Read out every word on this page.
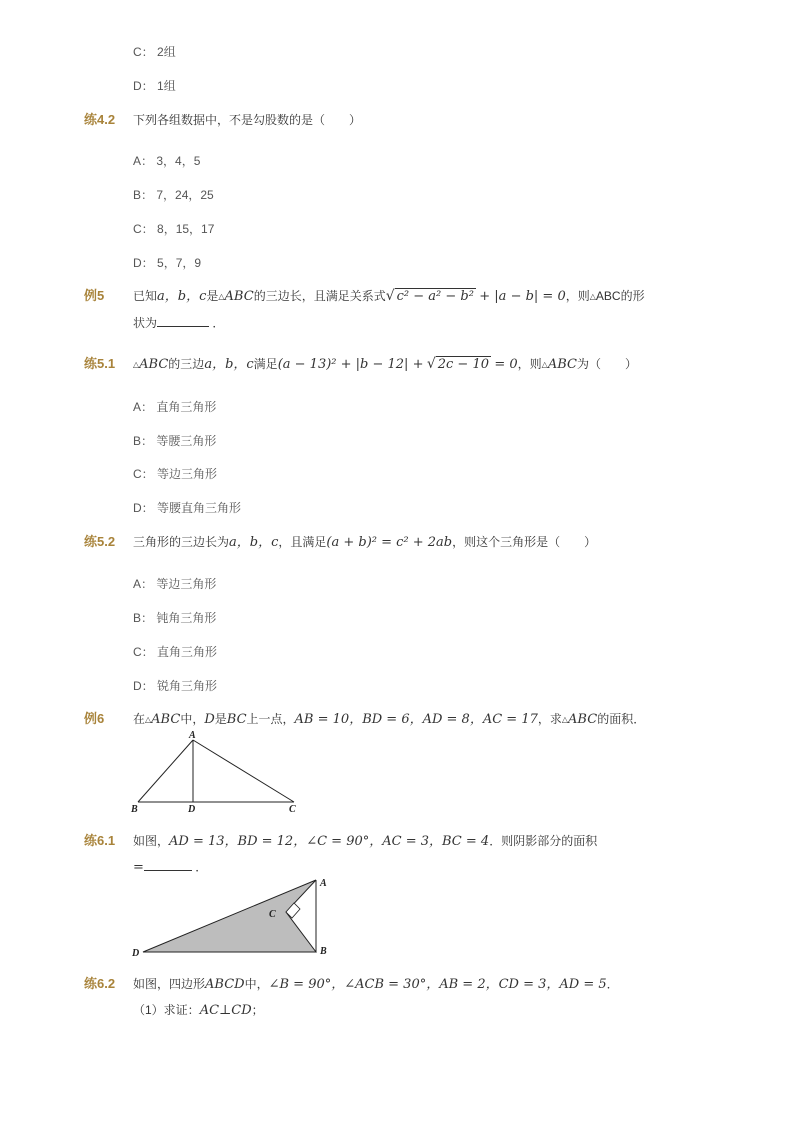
C： 2组
D： 1组
练4.2 下列各组数据中，不是勾股数的是（　　）
A： 3，4，5
B： 7，24，25
C： 8，15，17
D： 5，7，9
例5 已知a，b，c是△ABC的三边长，且满足关系式√ c² − a² − b² + |a − b| = 0，则△ABC的形
状为	．
练5.1 △ABC的三边a，b，c满足(a − 13)² + |b − 12| + √ 2c − 10 = 0，则△ABC为（　　）
A： 直角三角形
B： 等腰三角形
C： 等边三角形
D： 等腰直角三角形
练5.2 三角形的三边长为a，b，c，且满足(a + b)² = c² + 2ab，则这个三角形是（　　）
A： 等边三角形
B： 钝角三角形
C： 直角三角形
D： 锐角三角形
例6 在△ABC中，D是BC上一点，AB = 10，BD = 6，AD = 8，AC = 17，求△ABC的面积．
A
B	D	C
练6.1 如图，AD = 13，BD = 12，∠C = 90°，AC = 3，BC = 4．则阴影部分的面积
=	．
A
C
D	B
练6.2 如图，四边形ABCD中，∠B = 90°，∠ACB = 30°，AB = 2，CD = 3，AD = 5．
（1）求证：AC⊥CD；
